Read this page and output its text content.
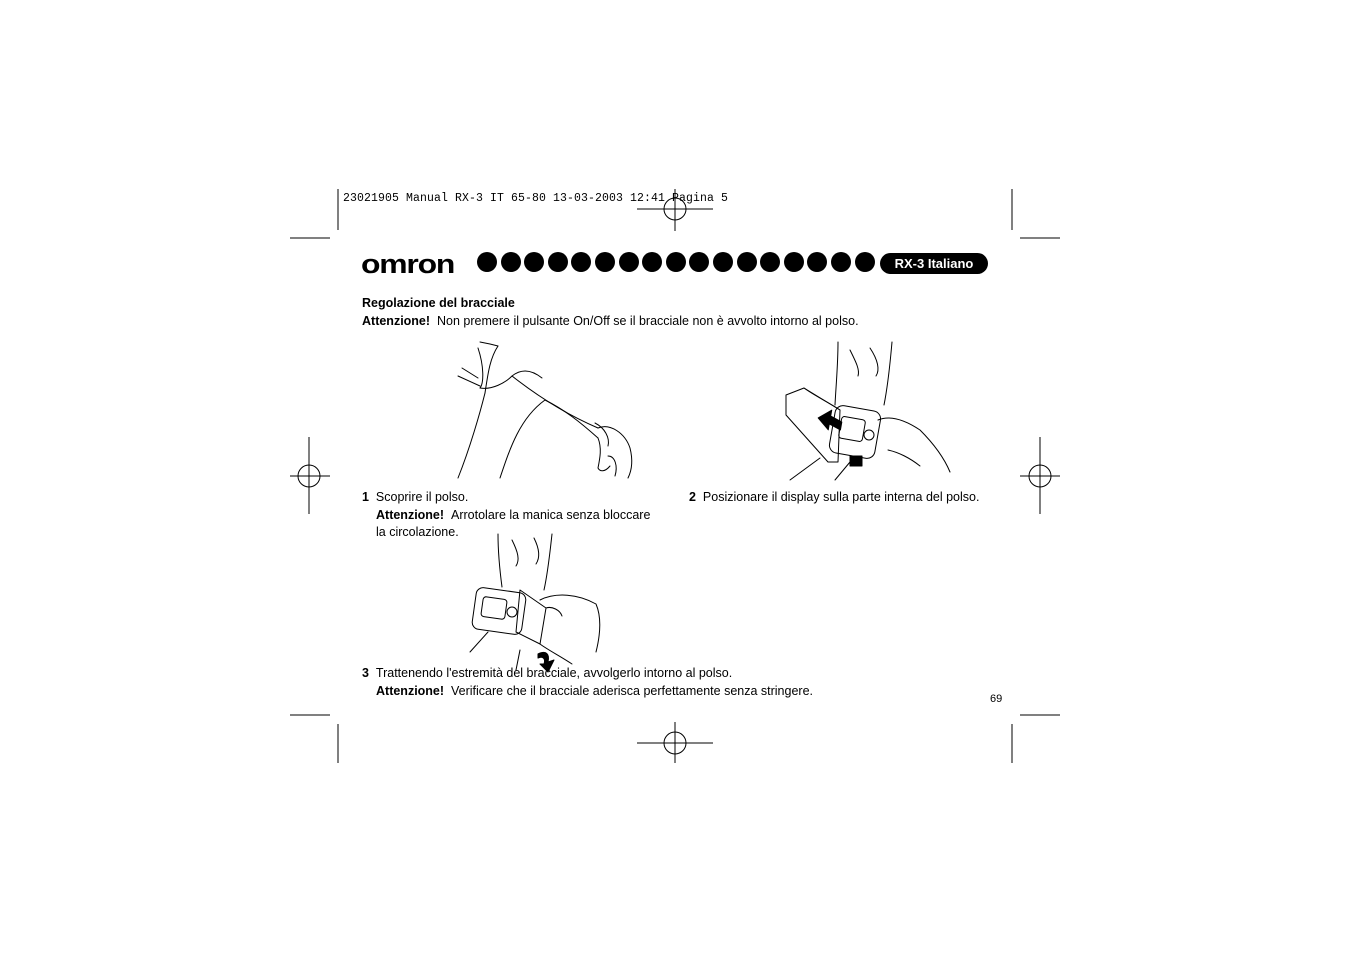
23021905 Manual RX-3 IT 65-80 13-03-2003 12:41 Pagina 5
omron	RX-3 Italiano
Regolazione del bracciale
Attenzione! Non premere il pulsante On/Off se il bracciale non è avvolto intorno al polso.
1 Scoprire il polso.
Attenzione! Arrotolare la manica senza bloccare
la circolazione.
2 Posizionare il display sulla parte interna del polso.
3 Trattenendo l'estremità del bracciale, avvolgerlo intorno al polso.
Attenzione! Verificare che il bracciale aderisca perfettamente senza stringere.
69
